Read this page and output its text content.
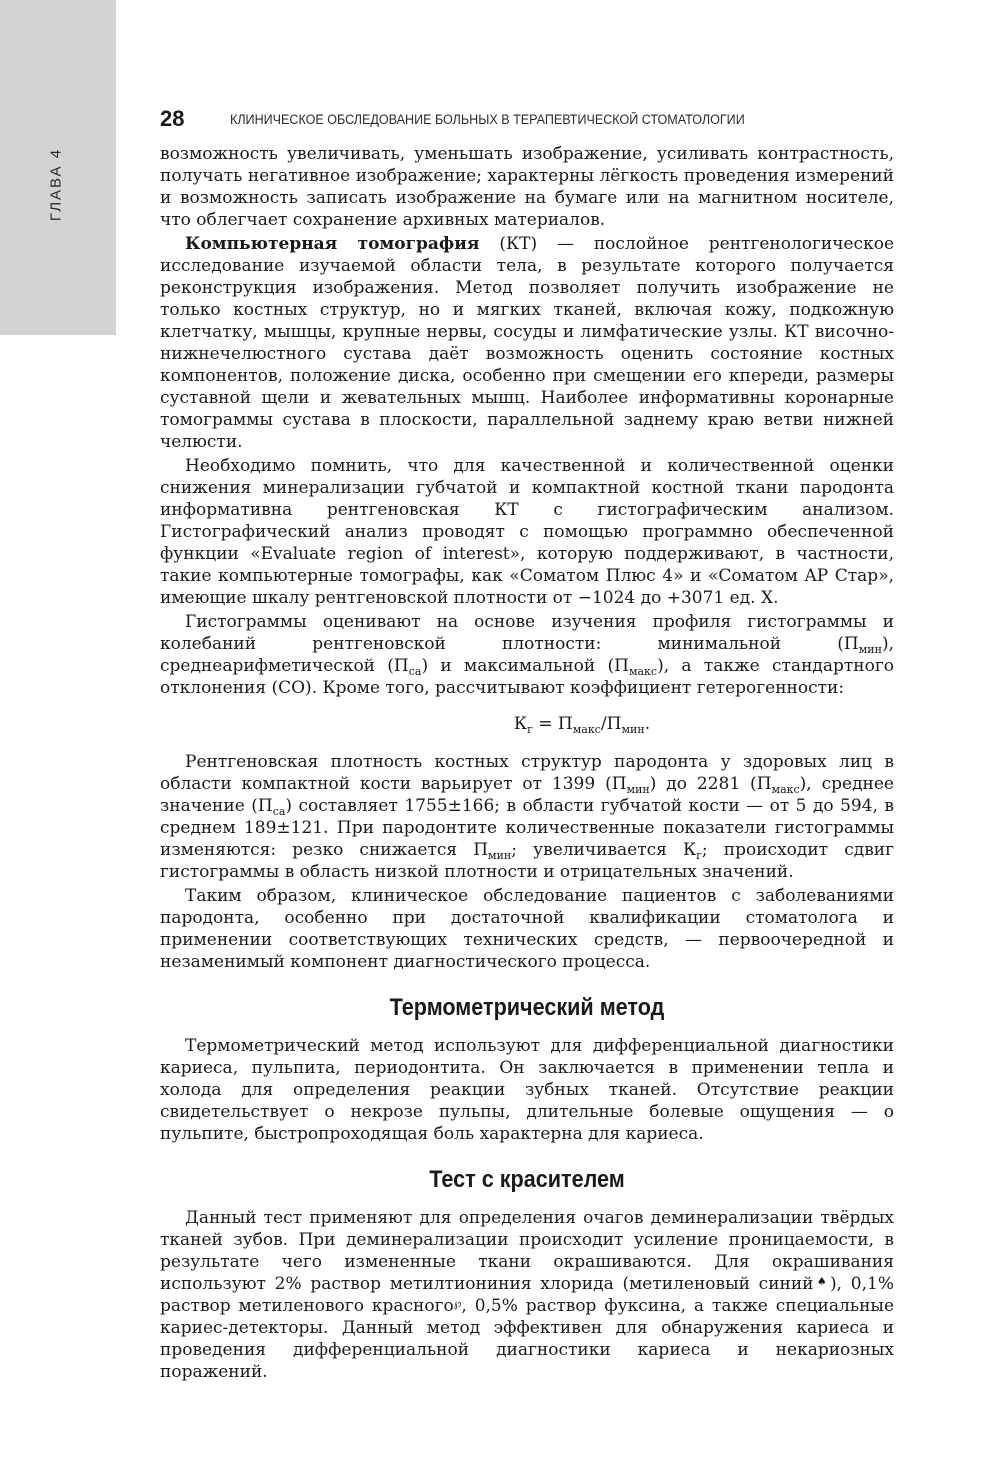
ГЛАВА 4
28	КЛИНИЧЕСКОЕ ОБСЛЕДОВАНИЕ БОЛЬНЫХ В ТЕРАПЕВТИЧЕСКОЙ СТОМАТОЛОГИИ

возможность увеличивать, уменьшать изображение, усиливать контрастность, получать негативное изображение; характерны лёгкость проведения измерений и возможность записать изображение на бумаге или на магнитном носителе, что облегчает сохранение архивных материалов.

Компьютерная томография (КТ) — послойное рентгенологическое исследование изучаемой области тела, в результате которого получается реконструкция изображения. Метод позволяет получить изображение не только костных структур, но и мягких тканей, включая кожу, подкожную клетчатку, мышцы, крупные нервы, сосуды и лимфатические узлы. КТ височно-нижнечелюстного сустава даёт возможность оценить состояние костных компонентов, положение диска, особенно при смещении его кпереди, размеры суставной щели и жевательных мышц. Наиболее информативны коронарные томограммы сустава в плоскости, параллельной заднему краю ветви нижней челюсти.

Необходимо помнить, что для качественной и количественной оценки снижения минерализации губчатой и компактной костной ткани пародонта информативна рентгеновская КТ с гистографическим анализом. Гистографический анализ проводят с помощью программно обеспеченной функции «Evaluate region of interest», которую поддерживают, в частности, такие компьютерные томографы, как «Соматом Плюс 4» и «Соматом AP Стар», имеющие шкалу рентгеновской плотности от −1024 до +3071 ед. X.

Гистограммы оценивают на основе изучения профиля гистограммы и колебаний рентгеновской плотности: минимальной $(П_{мин})$, среднеарифметической $(П_{са})$ и максимальной $(П_{макс})$, а также стандартного отклонения (СО). Кроме того, рассчитывают коэффициент гетерогенности:

$К_г = П_{макс}/П_{мин}$.

Рентгеновская плотность костных структур пародонта у здоровых лиц в области компактной кости варьирует от 1399 $(П_{мин})$ до 2281 $(П_{макс})$, среднее значение $(П_{са})$ составляет 1755±166; в области губчатой кости — от 5 до 594, в среднем 189±121. При пародонтите количественные показатели гистограммы изменяются: резко снижается $П_{мин}$; увеличивается $К_г$; происходит сдвиг гистограммы в область низкой плотности и отрицательных значений.

Таким образом, клиническое обследование пациентов с заболеваниями пародонта, особенно при достаточной квалификации стоматолога и применении соответствующих технических средств, — первоочередной и незаменимый компонент диагностического процесса.

Термометрический метод

Термометрический метод используют для дифференциальной диагностики кариеса, пульпита, периодонтита. Он заключается в применении тепла и холода для определения реакции зубных тканей. Отсутствие реакции свидетельствует о некрозе пульпы, длительные болевые ощущения — о пульпите, быстропроходящая боль характерна для кариеса.

Тест с красителем

Данный тест применяют для определения очагов деминерализации твёрдых тканей зубов. При деминерализации происходит усиление проницаемости, в результате чего измененные ткани окрашиваются. Для окрашивания используют 2% раствор метилтиониния хлорида (метиленовый синий♠), 0,1% раствор метиленового красного℘, 0,5% раствор фуксина, а также специальные кариес-детекторы. Данный метод эффективен для обнаружения кариеса и проведения дифференциальной диагностики кариеса и некариозных поражений.
